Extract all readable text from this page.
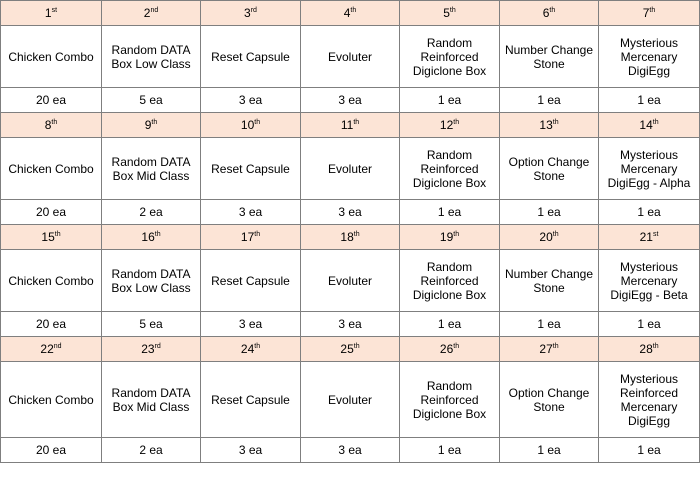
1st	2nd	3rd	4th	5th	6th	7th
Chicken Combo	Random DATA Box Low Class	Reset Capsule	Evoluter	Random Reinforced Digiclone Box	Number Change Stone	Mysterious Mercenary DigiEgg
20 ea	5 ea	3 ea	3 ea	1 ea	1 ea	1 ea
8th	9th	10th	11th	12th	13th	14th
Chicken Combo	Random DATA Box Mid Class	Reset Capsule	Evoluter	Random Reinforced Digiclone Box	Option Change Stone	Mysterious Mercenary DigiEgg - Alpha
20 ea	2 ea	3 ea	3 ea	1 ea	1 ea	1 ea
15th	16th	17th	18th	19th	20th	21st
Chicken Combo	Random DATA Box Low Class	Reset Capsule	Evoluter	Random Reinforced Digiclone Box	Number Change Stone	Mysterious Mercenary DigiEgg - Beta
20 ea	5 ea	3 ea	3 ea	1 ea	1 ea	1 ea
22nd	23rd	24th	25th	26th	27th	28th
Chicken Combo	Random DATA Box Mid Class	Reset Capsule	Evoluter	Random Reinforced Digiclone Box	Option Change Stone	Mysterious Reinforced Mercenary DigiEgg
20 ea	2 ea	3 ea	3 ea	1 ea	1 ea	1 ea
